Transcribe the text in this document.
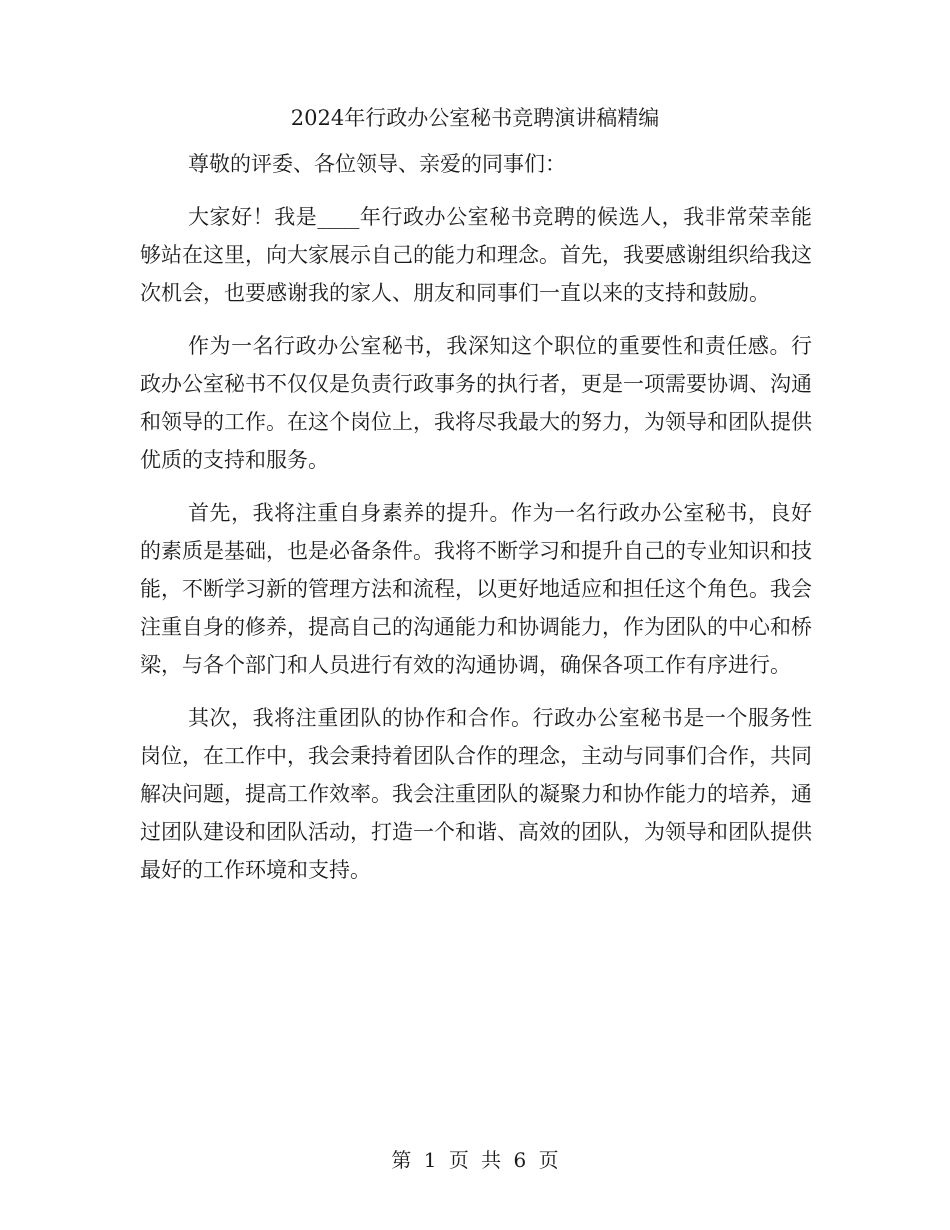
2024年行政办公室秘书竞聘演讲稿精编

尊敬的评委、各位领导、亲爱的同事们：

大家好！我是____年行政办公室秘书竞聘的候选人，我非常荣幸能够站在这里，向大家展示自己的能力和理念。首先，我要感谢组织给我这次机会，也要感谢我的家人、朋友和同事们一直以来的支持和鼓励。

作为一名行政办公室秘书，我深知这个职位的重要性和责任感。行政办公室秘书不仅仅是负责行政事务的执行者，更是一项需要协调、沟通和领导的工作。在这个岗位上，我将尽我最大的努力，为领导和团队提供优质的支持和服务。

首先，我将注重自身素养的提升。作为一名行政办公室秘书，良好的素质是基础，也是必备条件。我将不断学习和提升自己的专业知识和技能，不断学习新的管理方法和流程，以更好地适应和担任这个角色。我会注重自身的修养，提高自己的沟通能力和协调能力，作为团队的中心和桥梁，与各个部门和人员进行有效的沟通协调，确保各项工作有序进行。

其次，我将注重团队的协作和合作。行政办公室秘书是一个服务性岗位，在工作中，我会秉持着团队合作的理念，主动与同事们合作，共同解决问题，提高工作效率。我会注重团队的凝聚力和协作能力的培养，通过团队建设和团队活动，打造一个和谐、高效的团队，为领导和团队提供最好的工作环境和支持。

第 1 页 共 6 页
